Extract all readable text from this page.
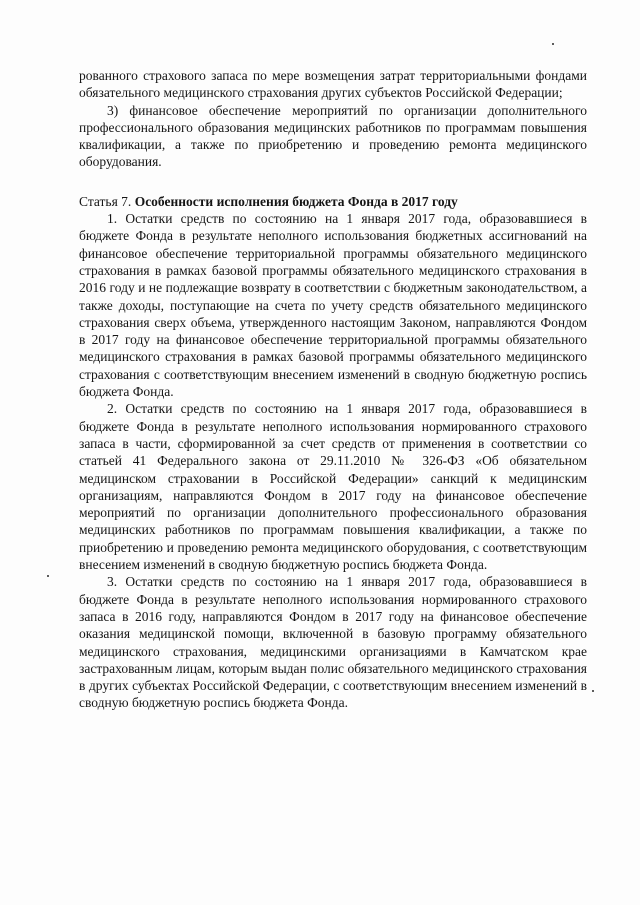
рованного страхового запаса по мере возмещения затрат территориальными фондами обязательного медицинского страхования других субъектов Российской Федерации;

3) финансовое обеспечение мероприятий по организации дополнительного профессионального образования медицинских работников по программам повышения квалификации, а также по приобретению и проведению ремонта медицинского оборудования.

Статья 7. Особенности исполнения бюджета Фонда в 2017 году

1. Остатки средств по состоянию на 1 января 2017 года, образовавшиеся в бюджете Фонда в результате неполного использования бюджетных ассигнований на финансовое обеспечение территориальной программы обязательного медицинского страхования в рамках базовой программы обязательного медицинского страхования в 2016 году и не подлежащие возврату в соответствии с бюджетным законодательством, а также доходы, поступающие на счета по учету средств обязательного медицинского страхования сверх объема, утвержденного настоящим Законом, направляются Фондом в 2017 году на финансовое обеспечение территориальной программы обязательного медицинского страхования в рамках базовой программы обязательного медицинского страхования с соответствующим внесением изменений в сводную бюджетную роспись бюджета Фонда.

2. Остатки средств по состоянию на 1 января 2017 года, образовавшиеся в бюджете Фонда в результате неполного использования нормированного страхового запаса в части, сформированной за счет средств от применения в соответствии со статьей 41 Федерального закона от 29.11.2010 № 326-ФЗ «Об обязательном медицинском страховании в Российской Федерации» санкций к медицинским организациям, направляются Фондом в 2017 году на финансовое обеспечение мероприятий по организации дополнительного профессионального образования медицинских работников по программам повышения квалификации, а также по приобретению и проведению ремонта медицинского оборудования, с соответствующим внесением изменений в сводную бюджетную роспись бюджета Фонда.

3. Остатки средств по состоянию на 1 января 2017 года, образовавшиеся в бюджете Фонда в результате неполного использования нормированного страхового запаса в 2016 году, направляются Фондом в 2017 году на финансовое обеспечение оказания медицинской помощи, включенной в базовую программу обязательного медицинского страхования, медицинскими организациями в Камчатском крае застрахованным лицам, которым выдан полис обязательного медицинского страхования в других субъектах Российской Федерации, с соответствующим внесением изменений в сводную бюджетную роспись бюджета Фонда.
